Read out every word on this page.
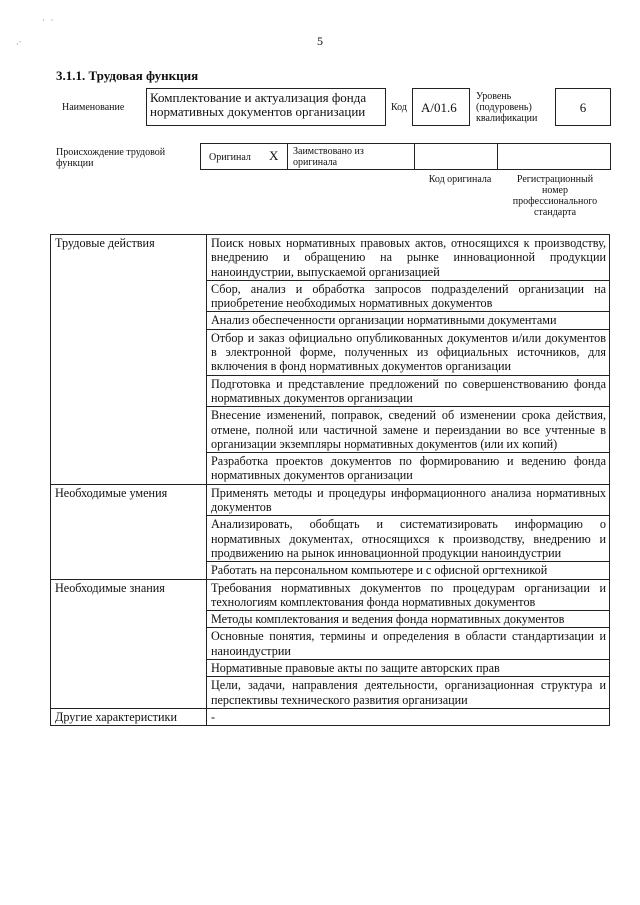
· ·
·ˋ	5
3.1.1. Трудовая функция
Наименование
Комплектование и актуализация фонда нормативных документов организации	Код	A/01.6
Уровень (подуровень) квалификации
6
Происхождение трудовой функции
Оригинал X	Заимствовано из оригинала
Код оригинала	Регистрационный номер профессионального стандарта
Трудовые действия	Поиск новых нормативных правовых актов, относящихся к производству, внедрению и обращению на рынке инновационной продукции наноиндустрии, выпускаемой организацией
	Сбор, анализ и обработка запросов подразделений организации на приобретение необходимых нормативных документов
	Анализ обеспеченности организации нормативными документами
	Отбор и заказ официально опубликованных документов и/или документов в электронной форме, полученных из официальных источников, для включения в фонд нормативных документов организации
	Подготовка и представление предложений по совершенствованию фонда нормативных документов организации
	Внесение изменений, поправок, сведений об изменении срока действия, отмене, полной или частичной замене и переиздании во все учтенные в организации экземпляры нормативных документов (или их копий)
	Разработка проектов документов по формированию и ведению фонда нормативных документов организации
Необходимые умения	Применять методы и процедуры информационного анализа нормативных документов
	Анализировать, обобщать и систематизировать информацию о нормативных документах, относящихся к производству, внедрению и продвижению на рынок инновационной продукции наноиндустрии
	Работать на персональном компьютере и с офисной оргтехникой
Необходимые знания	Требования нормативных документов по процедурам организации и технологиям комплектования фонда нормативных документов
	Методы комплектования и ведения фонда нормативных документов
	Основные понятия, термины и определения в области стандартизации и наноиндустрии
	Нормативные правовые акты по защите авторских прав
	Цели, задачи, направления деятельности, организационная структура и перспективы технического развития организации
Другие характеристики	-
